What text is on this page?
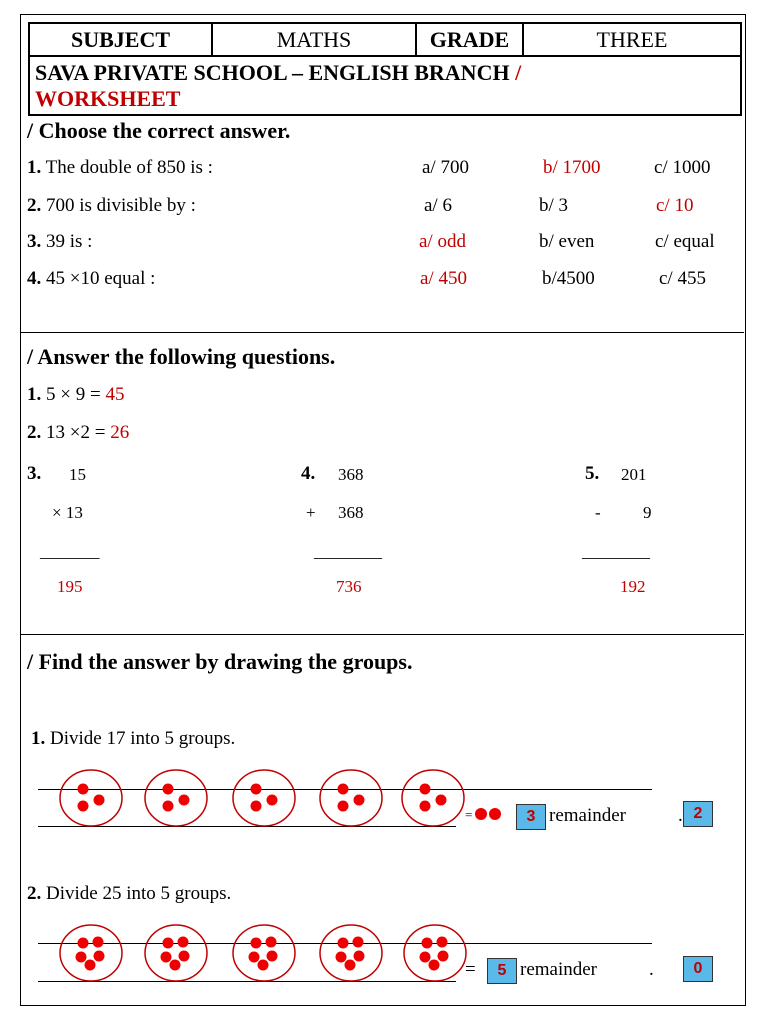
SUBJECT	MATHS	GRADE	THREE
SAVA PRIVATE SCHOOL – ENGLISH BRANCH /
WORKSHEET
/ Choose the correct answer.
1. The double of 850 is :	a/ 700	b/ 1700	c/ 1000
2. 700 is divisible by :	a/ 6	b/ 3	c/ 10
3. 39 is :	a/ odd	b/ even	c/ equal
4. 45 ×10 equal :	a/ 450	b/4500	c/ 455
/ Answer the following questions.
1. 5 × 9 = 45
2. 13 ×2 = 26
3. 15
× 13
_______
195
4. 368
+ 368
________
736
5. 201
- 9
________
192
/ Find the answer by drawing the groups.
1. Divide 17 into 5 groups.
=	3 remainder	. 2
2. Divide 25 into 5 groups.
=	5 remainder	.	0
